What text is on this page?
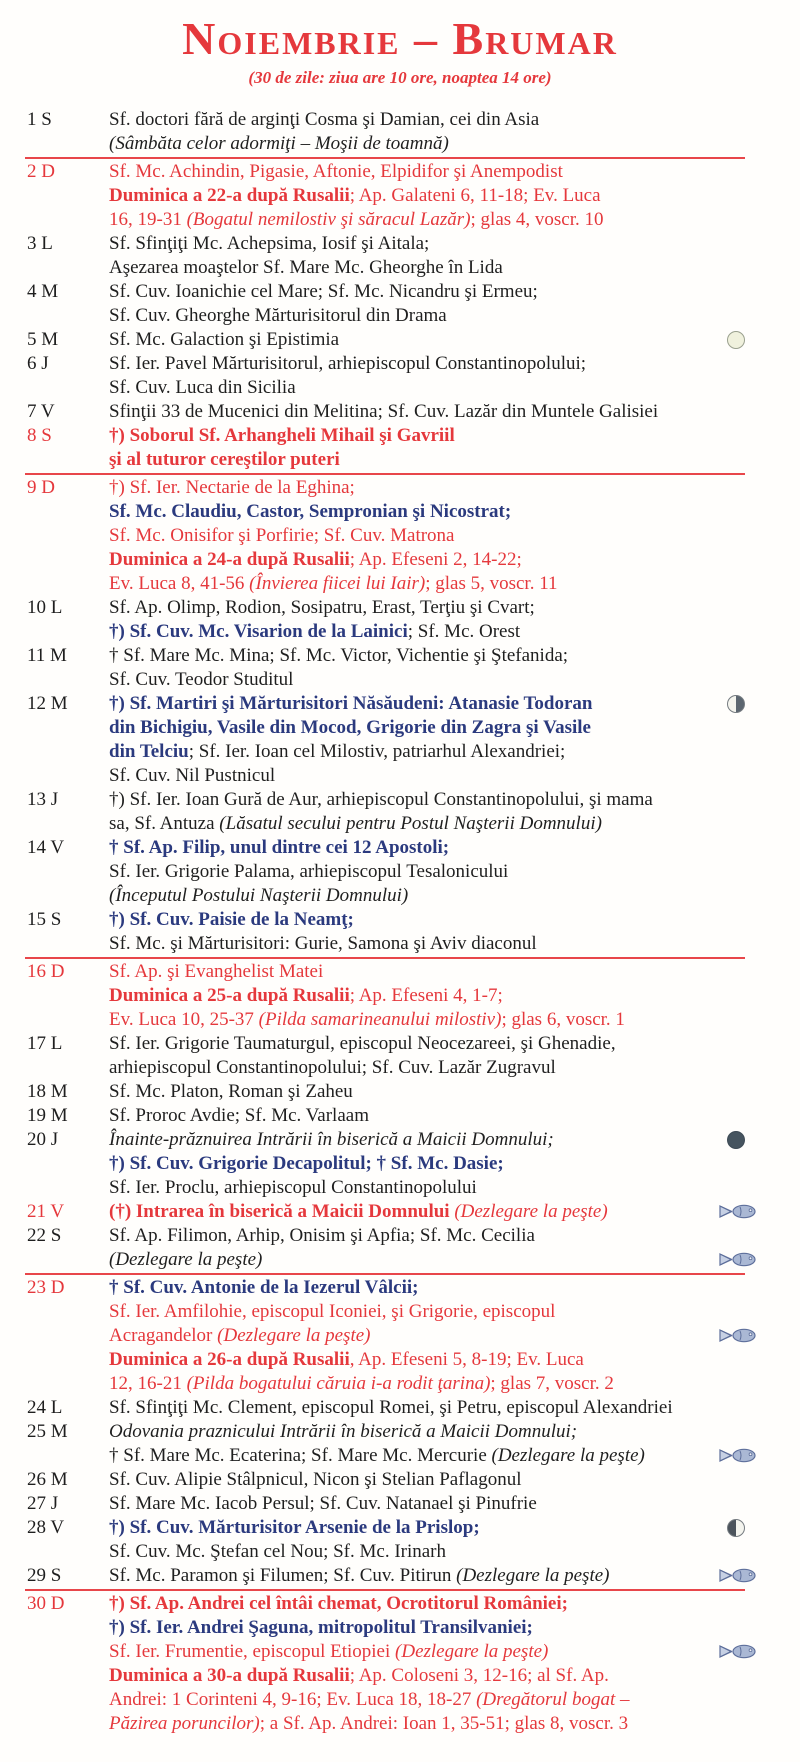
Noiembrie – Brumar
(30 de zile: ziua are 10 ore, noaptea 14 ore)
1 S	Sf. doctori fără de arginţi Cosma şi Damian, cei din Asia
(Sâmbăta celor adormiţi – Moşii de toamnă)
2 D	Sf. Mc. Achindin, Pigasie, Aftonie, Elpidifor şi Anempodist
Duminica a 22-a după Rusalii; Ap. Galateni 6, 11-18; Ev. Luca
16, 19-31 (Bogatul nemilostiv şi săracul Lazăr); glas 4, voscr. 10
3 L	Sf. Sfinţiţi Mc. Achepsima, Iosif şi Aitala;
Aşezarea moaştelor Sf. Mare Mc. Gheorghe în Lida
4 M	Sf. Cuv. Ioanichie cel Mare; Sf. Mc. Nicandru şi Ermeu;
Sf. Cuv. Gheorghe Mărturisitorul din Drama
5 M	Sf. Mc. Galaction şi Epistimia
6 J	Sf. Ier. Pavel Mărturisitorul, arhiepiscopul Constantinopolului;
Sf. Cuv. Luca din Sicilia
7 V	Sfinţii 33 de Mucenici din Melitina; Sf. Cuv. Lazăr din Muntele Galisiei
8 S	†) Soborul Sf. Arhangheli Mihail şi Gavriil
şi al tuturor cereştilor puteri
9 D	†) Sf. Ier. Nectarie de la Eghina;
Sf. Mc. Claudiu, Castor, Sempronian şi Nicostrat;
Sf. Mc. Onisifor şi Porfirie; Sf. Cuv. Matrona
Duminica a 24-a după Rusalii; Ap. Efeseni 2, 14-22;
Ev. Luca 8, 41-56 (Învierea fiicei lui Iair); glas 5, voscr. 11
10 L	Sf. Ap. Olimp, Rodion, Sosipatru, Erast, Terţiu şi Cvart;
†) Sf. Cuv. Mc. Visarion de la Lainici; Sf. Mc. Orest
11 M	† Sf. Mare Mc. Mina; Sf. Mc. Victor, Vichentie şi Ştefanida;
Sf. Cuv. Teodor Studitul
12 M	†) Sf. Martiri şi Mărturisitori Năsăudeni: Atanasie Todoran
din Bichigiu, Vasile din Mocod, Grigorie din Zagra şi Vasile
din Telciu; Sf. Ier. Ioan cel Milostiv, patriarhul Alexandriei;
Sf. Cuv. Nil Pustnicul
13 J	†) Sf. Ier. Ioan Gură de Aur, arhiepiscopul Constantinopolului, şi mama
sa, Sf. Antuza (Lăsatul secului pentru Postul Naşterii Domnului)
14 V	† Sf. Ap. Filip, unul dintre cei 12 Apostoli;
Sf. Ier. Grigorie Palama, arhiepiscopul Tesalonicului
(Începutul Postului Naşterii Domnului)
15 S	†) Sf. Cuv. Paisie de la Neamţ;
Sf. Mc. şi Mărturisitori: Gurie, Samona şi Aviv diaconul
16 D	Sf. Ap. şi Evanghelist Matei
Duminica a 25-a după Rusalii; Ap. Efeseni 4, 1-7;
Ev. Luca 10, 25-37 (Pilda samarineanului milostiv); glas 6, voscr. 1
17 L	Sf. Ier. Grigorie Taumaturgul, episcopul Neocezareei, şi Ghenadie,
arhiepiscopul Constantinopolului; Sf. Cuv. Lazăr Zugravul
18 M	Sf. Mc. Platon, Roman şi Zaheu
19 M	Sf. Proroc Avdie; Sf. Mc. Varlaam
20 J	Înainte-prăznuirea Intrării în biserică a Maicii Domnului;
†) Sf. Cuv. Grigorie Decapolitul; † Sf. Mc. Dasie;
Sf. Ier. Proclu, arhiepiscopul Constantinopolului
21 V	(†) Intrarea în biserică a Maicii Domnului (Dezlegare la peşte)
22 S	Sf. Ap. Filimon, Arhip, Onisim şi Apfia; Sf. Mc. Cecilia
(Dezlegare la peşte)
23 D	† Sf. Cuv. Antonie de la Iezerul Vâlcii;
Sf. Ier. Amfilohie, episcopul Iconiei, şi Grigorie, episcopul
Acragandelor (Dezlegare la peşte)
Duminica a 26-a după Rusalii, Ap. Efeseni 5, 8-19; Ev. Luca
12, 16-21 (Pilda bogatului căruia i-a rodit ţarina); glas 7, voscr. 2
24 L	Sf. Sfinţiţi Mc. Clement, episcopul Romei, şi Petru, episcopul Alexandriei
25 M	Odovania praznicului Intrării în biserică a Maicii Domnului;
† Sf. Mare Mc. Ecaterina; Sf. Mare Mc. Mercurie (Dezlegare la peşte)
26 M	Sf. Cuv. Alipie Stâlpnicul, Nicon şi Stelian Paflagonul
27 J	Sf. Mare Mc. Iacob Persul; Sf. Cuv. Natanael şi Pinufrie
28 V	†) Sf. Cuv. Mărturisitor Arsenie de la Prislop;
Sf. Cuv. Mc. Ştefan cel Nou; Sf. Mc. Irinarh
29 S	Sf. Mc. Paramon şi Filumen; Sf. Cuv. Pitirun (Dezlegare la peşte)
30 D	†) Sf. Ap. Andrei cel întâi chemat, Ocrotitorul României;
†) Sf. Ier. Andrei Şaguna, mitropolitul Transilvaniei;
Sf. Ier. Frumentie, episcopul Etiopiei (Dezlegare la peşte)
Duminica a 30-a după Rusalii; Ap. Coloseni 3, 12-16; al Sf. Ap.
Andrei: 1 Corinteni 4, 9-16; Ev. Luca 18, 18-27 (Dregătorul bogat –
Păzirea poruncilor); a Sf. Ap. Andrei: Ioan 1, 35-51; glas 8, voscr. 3
